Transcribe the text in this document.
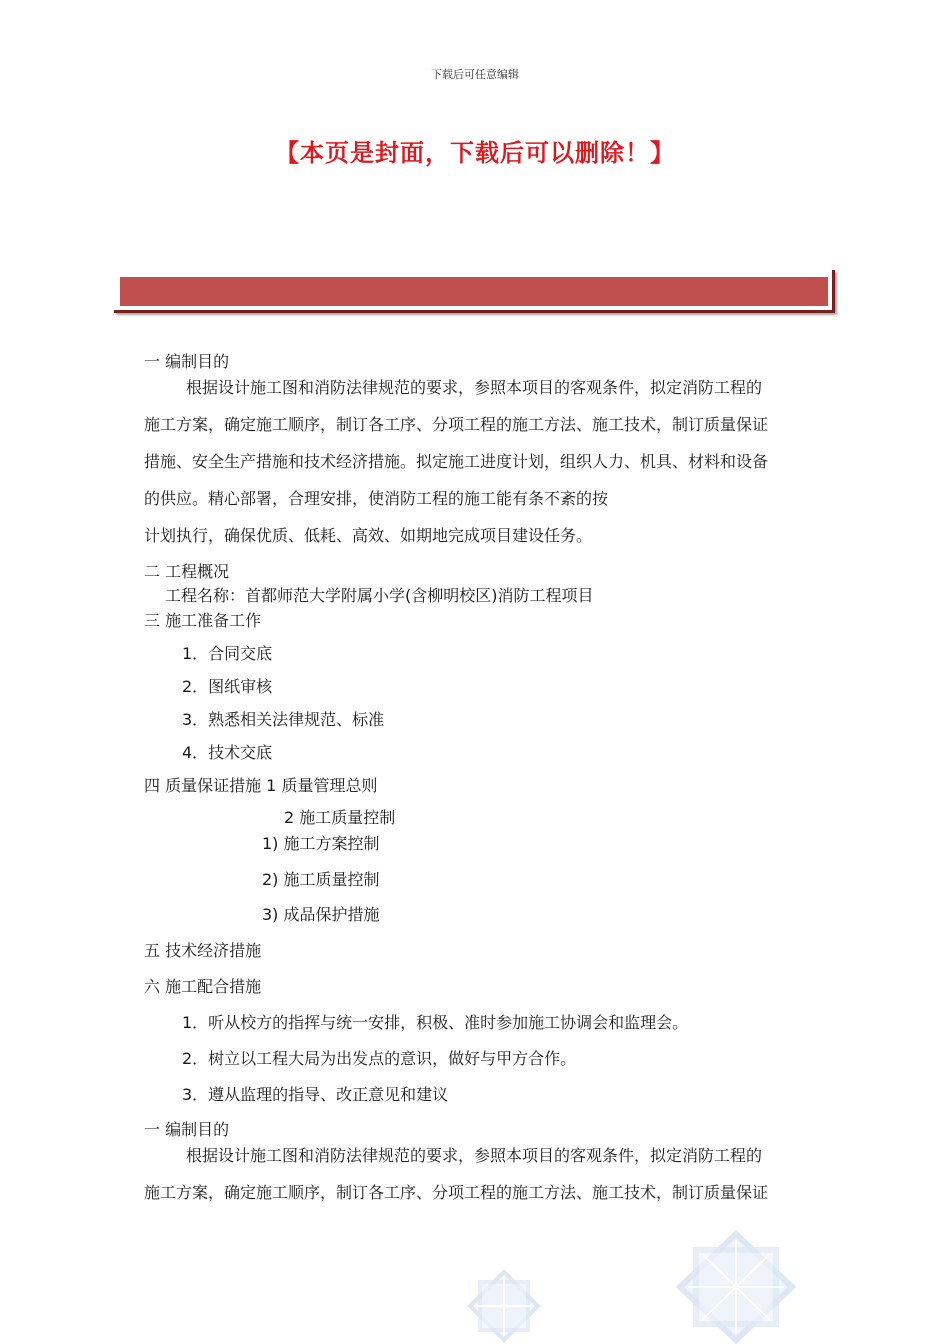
下载后可任意编辑
【本页是封面，下载后可以删除！】
一 编制目的
根据设计施工图和消防法律规范的要求，参照本项目的客观条件，拟定消防工程的
施工方案，确定施工顺序，制订各工序、分项工程的施工方法、施工技术，制订质量保证
措施、安全生产措施和技术经济措施。拟定施工进度计划，组织人力、机具、材料和设备
的供应。精心部署，合理安排，使消防工程的施工能有条不紊的按
计划执行，确保优质、低耗、高效、如期地完成项目建设任务。
二 工程概况
工程名称：首都师范大学附属小学(含柳明校区)消防工程项目
三 施工准备工作
1．合同交底
2．图纸审核
3．熟悉相关法律规范、标准
4．技术交底
四 质量保证措施 1 质量管理总则
2 施工质量控制
1) 施工方案控制
2) 施工质量控制
3) 成品保护措施
五 技术经济措施
六 施工配合措施
1．听从校方的指挥与统一安排，积极、准时参加施工协调会和监理会。
2．树立以工程大局为出发点的意识，做好与甲方合作。
3．遵从监理的指导、改正意见和建议
一 编制目的
根据设计施工图和消防法律规范的要求，参照本项目的客观条件，拟定消防工程的
施工方案，确定施工顺序，制订各工序、分项工程的施工方法、施工技术，制订质量保证
